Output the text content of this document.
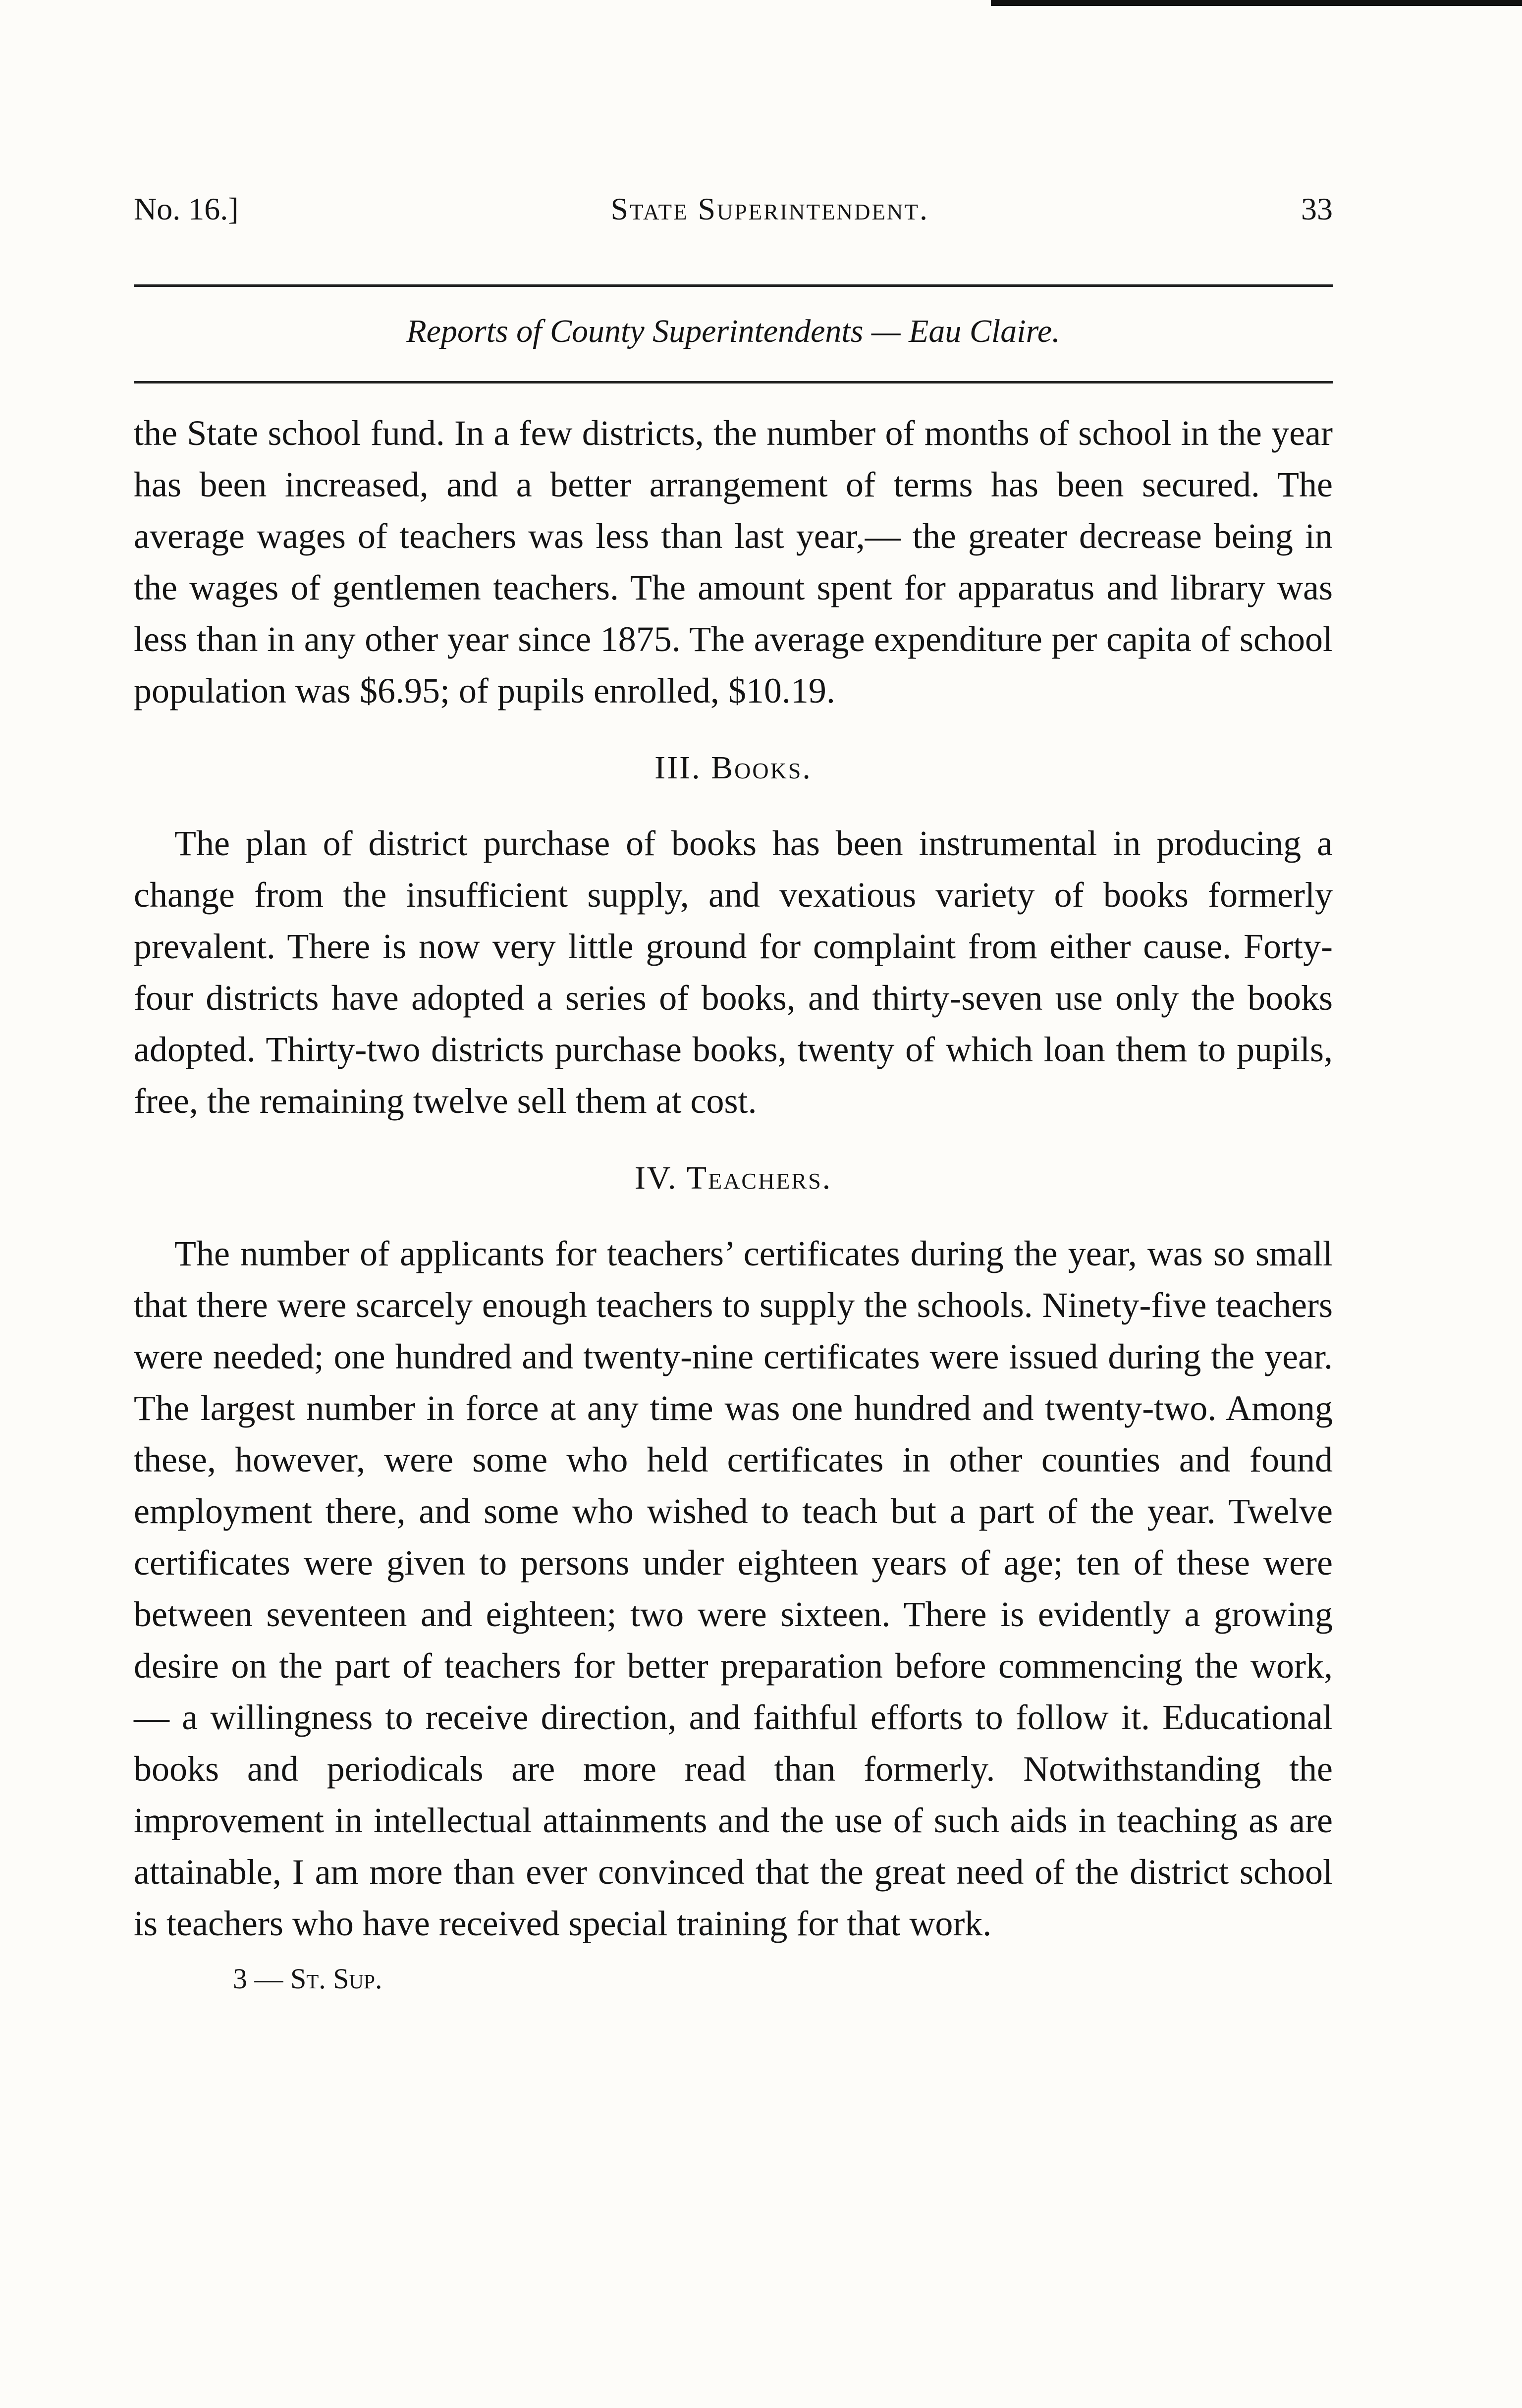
No. 16.]	State Superintendent.	33
Reports of County Superintendents — Eau Claire.

the State school fund. In a few districts, the number of months of school in the year has been increased, and a better arrangement of terms has been secured. The average wages of teachers was less than last year,— the greater decrease being in the wages of gentlemen teachers. The amount spent for apparatus and library was less than in any other year since 1875. The average expenditure per capita of school population was $6.95; of pupils enrolled, $10.19.

III. Books.

The plan of district purchase of books has been instrumental in producing a change from the insufficient supply, and vexatious variety of books formerly prevalent. There is now very little ground for complaint from either cause. Forty-four districts have adopted a series of books, and thirty-seven use only the books adopted. Thirty-two districts purchase books, twenty of which loan them to pupils, free, the remaining twelve sell them at cost.

IV. Teachers.

The number of applicants for teachers’ certificates during the year, was so small that there were scarcely enough teachers to supply the schools. Ninety-five teachers were needed; one hundred and twenty-nine certificates were issued during the year. The largest number in force at any time was one hundred and twenty-two. Among these, however, were some who held certificates in other counties and found employment there, and some who wished to teach but a part of the year. Twelve certificates were given to persons under eighteen years of age; ten of these were between seventeen and eighteen; two were sixteen. There is evidently a growing desire on the part of teachers for better preparation before commencing the work, — a willingness to receive direction, and faithful efforts to follow it. Educational books and periodicals are more read than formerly. Notwithstanding the improvement in intellectual attainments and the use of such aids in teaching as are attainable, I am more than ever convinced that the great need of the district school is teachers who have received special training for that work.

3 — St. Sup.
